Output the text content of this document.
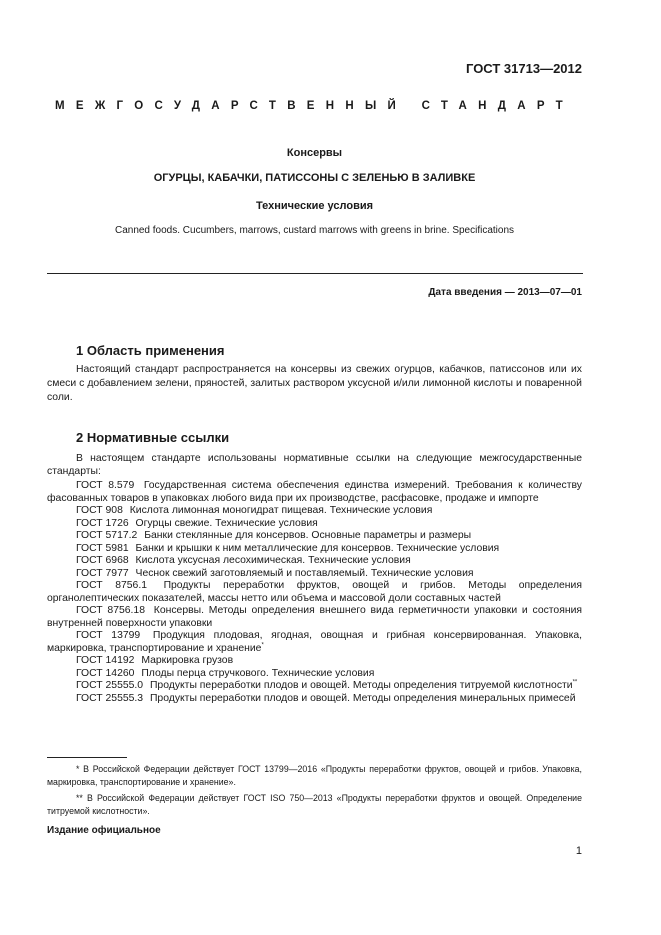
ГОСТ 31713—2012
МЕЖГОСУДАРСТВЕННЫЙ СТАНДАРТ
Консервы
ОГУРЦЫ, КАБАЧКИ, ПАТИССОНЫ С ЗЕЛЕНЬЮ В ЗАЛИВКЕ
Технические условия
Canned foods. Cucumbers, marrows, custard marrows with greens in brine. Specifications
Дата введения — 2013—07—01
1 Область применения

Настоящий стандарт распространяется на консервы из свежих огурцов, кабачков, патиссонов или их смеси с добавлением зелени, пряностей, залитых раствором уксусной и/или лимонной кислоты и поваренной соли.

2 Нормативные ссылки

В настоящем стандарте использованы нормативные ссылки на следующие межгосударственные стандарты:

ГОСТ 8.579 Государственная система обеспечения единства измерений. Требования к количеству фасованных товаров в упаковках любого вида при их производстве, расфасовке, продаже и импорте

ГОСТ 908 Кислота лимонная моногидрат пищевая. Технические условия

ГОСТ 1726 Огурцы свежие. Технические условия

ГОСТ 5717.2 Банки стеклянные для консервов. Основные параметры и размеры

ГОСТ 5981 Банки и крышки к ним металлические для консервов. Технические условия

ГОСТ 6968 Кислота уксусная лесохимическая. Технические условия

ГОСТ 7977 Чеснок свежий заготовляемый и поставляемый. Технические условия

ГОСТ 8756.1 Продукты переработки фруктов, овощей и грибов. Методы определения органолептических показателей, массы нетто или объема и массовой доли составных частей

ГОСТ 8756.18 Консервы. Методы определения внешнего вида герметичности упаковки и состояния внутренней поверхности упаковки

ГОСТ 13799 Продукция плодовая, ягодная, овощная и грибная консервированная. Упаковка, маркировка, транспортирование и хранение*

ГОСТ 14192 Маркировка грузов

ГОСТ 14260 Плоды перца стручкового. Технические условия

ГОСТ 25555.0 Продукты переработки плодов и овощей. Методы определения титруемой кислотности**

ГОСТ 25555.3 Продукты переработки плодов и овощей. Методы определения минеральных примесей

* В Российской Федерации действует ГОСТ 13799—2016 «Продукты переработки фруктов, овощей и грибов. Упаковка, маркировка, транспортирование и хранение».

** В Российской Федерации действует ГОСТ ISO 750—2013 «Продукты переработки фруктов и овощей. Определение титруемой кислотности».

Издание официальное
1
